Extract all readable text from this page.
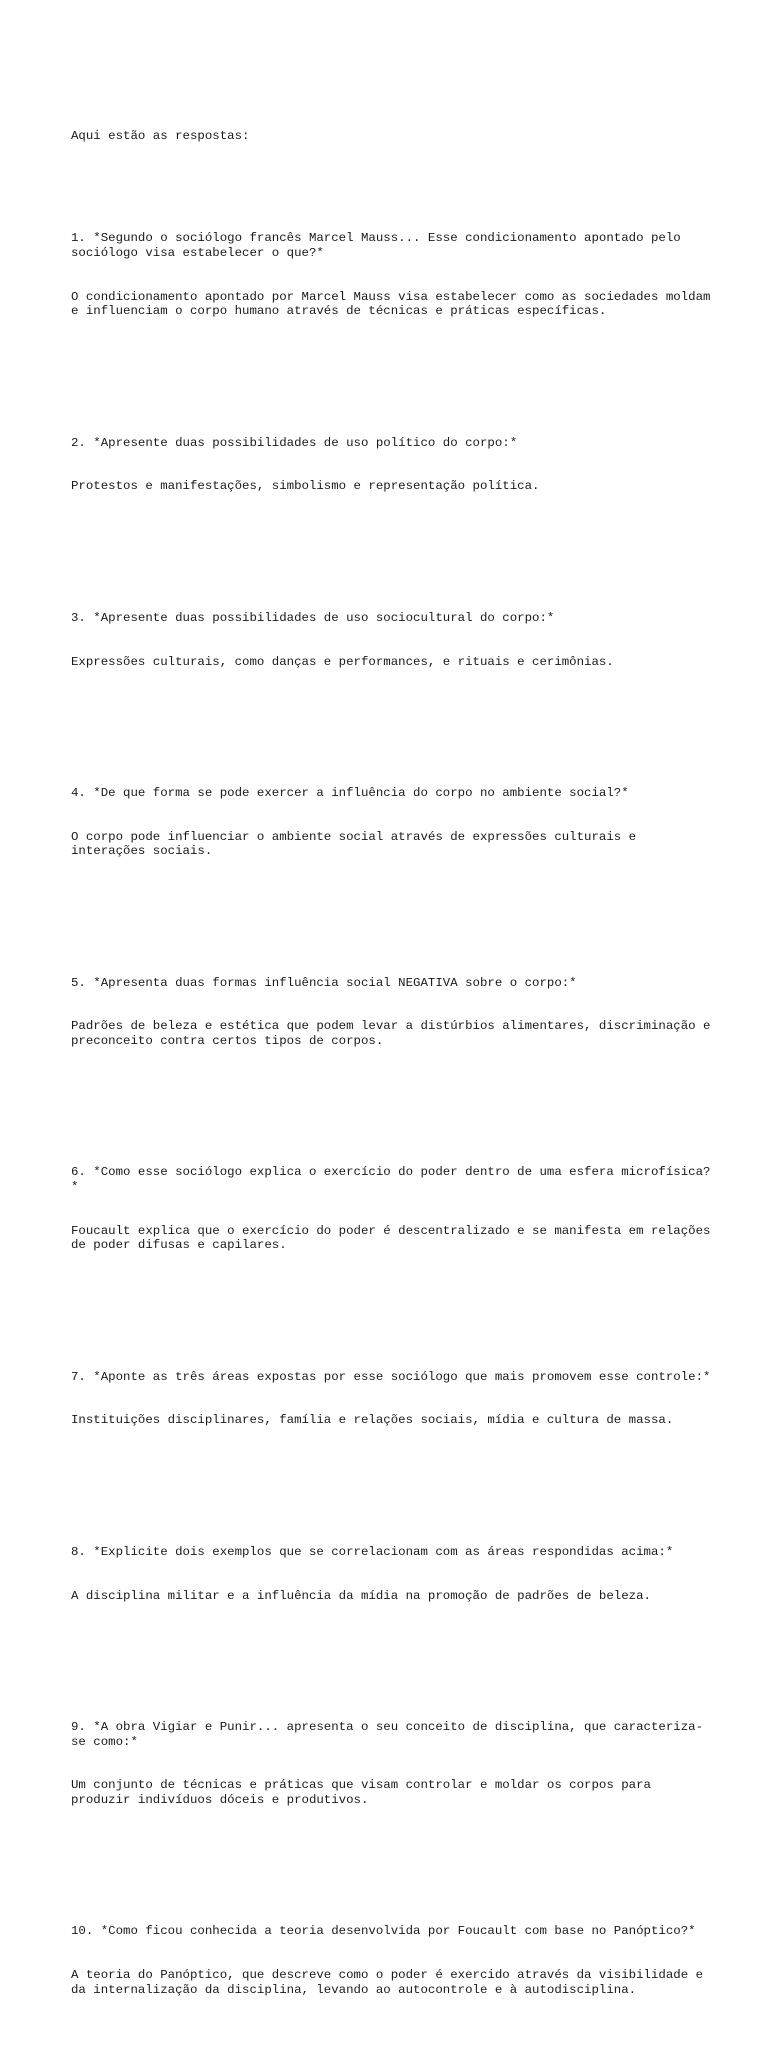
Aqui estão as respostas:

1. *Segundo o sociólogo francês Marcel Mauss... Esse condicionamento apontado pelo sociólogo visa estabelecer o que?*

O condicionamento apontado por Marcel Mauss visa estabelecer como as sociedades moldam e influenciam o corpo humano através de técnicas e práticas específicas.

2. *Apresente duas possibilidades de uso político do corpo:*

Protestos e manifestações, simbolismo e representação política.

3. *Apresente duas possibilidades de uso sociocultural do corpo:*

Expressões culturais, como danças e performances, e rituais e cerimônias.

4. *De que forma se pode exercer a influência do corpo no ambiente social?*

O corpo pode influenciar o ambiente social através de expressões culturais e interações sociais.

5. *Apresenta duas formas influência social NEGATIVA sobre o corpo:*

Padrões de beleza e estética que podem levar a distúrbios alimentares, discriminação e preconceito contra certos tipos de corpos.

6. *Como esse sociólogo explica o exercício do poder dentro de uma esfera microfísica?*

Foucault explica que o exercício do poder é descentralizado e se manifesta em relações de poder difusas e capilares.

7. *Aponte as três áreas expostas por esse sociólogo que mais promovem esse controle:*

Instituições disciplinares, família e relações sociais, mídia e cultura de massa.

8. *Explicite dois exemplos que se correlacionam com as áreas respondidas acima:*

A disciplina militar e a influência da mídia na promoção de padrões de beleza.

9. *A obra Vigiar e Punir... apresenta o seu conceito de disciplina, que caracteriza-se como:*

Um conjunto de técnicas e práticas que visam controlar e moldar os corpos para produzir indivíduos dóceis e produtivos.

10. *Como ficou conhecida a teoria desenvolvida por Foucault com base no Panóptico?*

A teoria do Panóptico, que descreve como o poder é exercido através da visibilidade e da internalização da disciplina, levando ao autocontrole e à autodisciplina.
